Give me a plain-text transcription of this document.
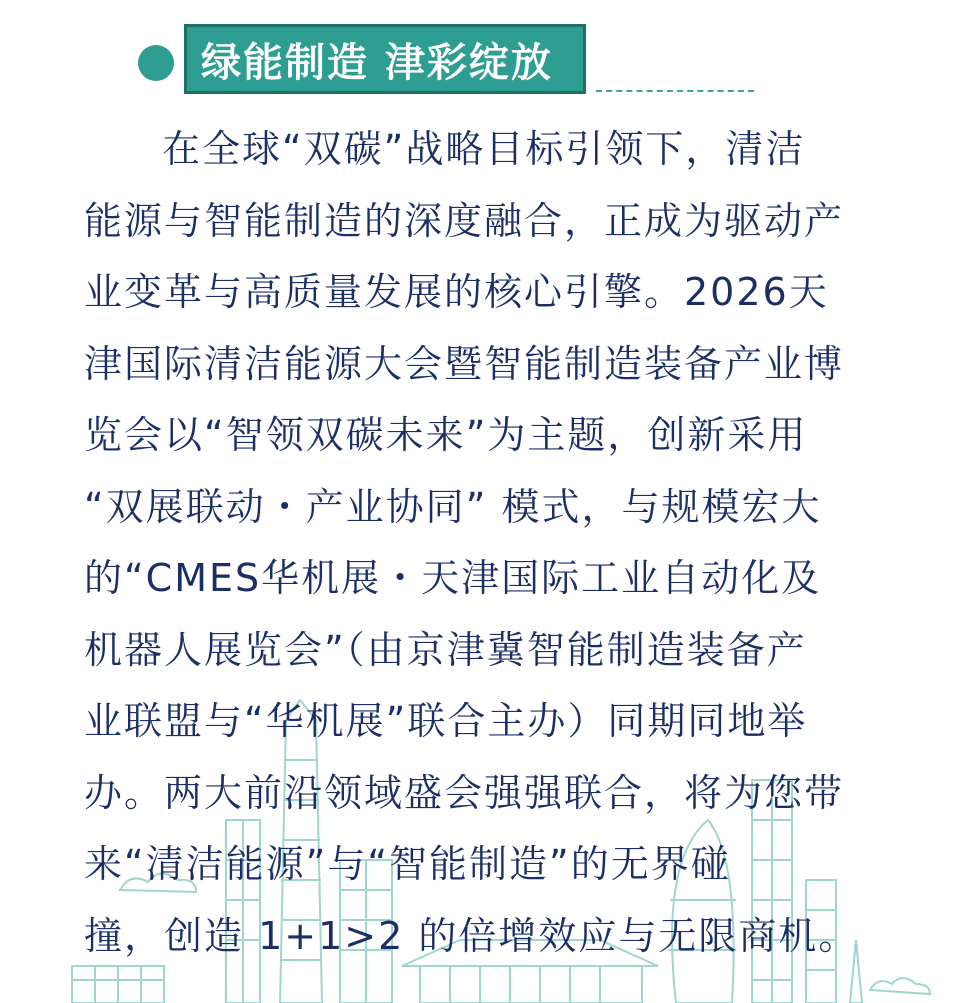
绿能制造 津彩绽放
在全球“双碳”战略目标引领下，清洁
能源与智能制造的深度融合，正成为驱动产
业变革与高质量发展的核心引擎。2026天
津国际清洁能源大会暨智能制造装备产业博
览会以“智领双碳未来”为主题，创新采用
“双展联动・产业协同” 模式，与规模宏大
的“CMES华机展・天津国际工业自动化及
机器人展览会”（由京津冀智能制造装备产
业联盟与“华机展”联合主办）同期同地举
办。两大前沿领域盛会强强联合，将为您带
来“清洁能源”与“智能制造”的无界碰
撞，创造 1+1>2 的倍增效应与无限商机。
